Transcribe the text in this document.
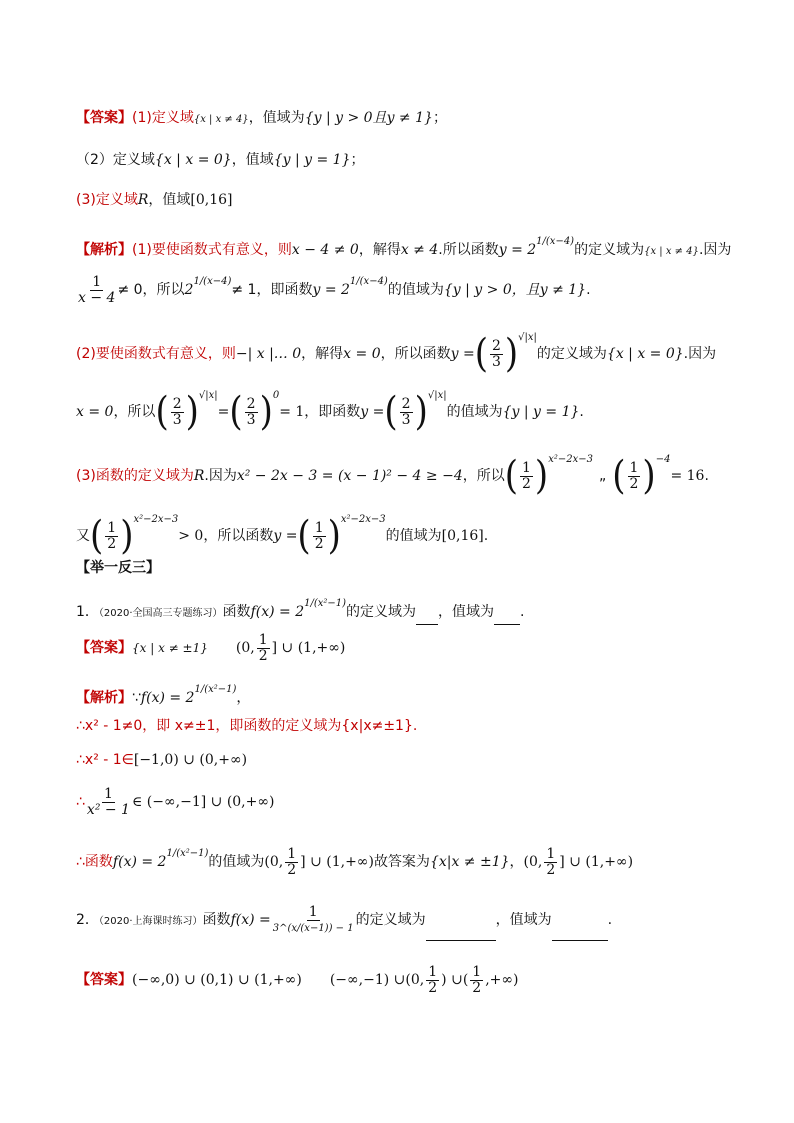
【答案】(1)定义域{x | x ≠ 4}，值域为{y | y > 0且y ≠ 1}；
（2）定义域{x | x = 0}，值域{y | y = 1}；
(3)定义域R，值域[0,16]
【解析】(1)要使函数式有意义，则x − 4 ≠ 0，解得x ≠ 4.所以函数$y = 2^{1/(x-4)}$的定义域为{x | x ≠ 4}.因为
$\frac{1}{x - 4} \ne 0$，所以$2^{1/(x-4)}\ne 1$，即函数$y = 2^{1/(x-4)}$的值域为{y | y > 0，且y ≠ 1}.
(2)要使函数式有意义，则−| x |… 0，解得x = 0，所以函数y =( $\frac{2}{3} )^{√|x|}$的定义域为{x | x = 0}.因为
x = 0，所以( $\frac{2}{3} )^{√|x|}=( \frac{2}{3} )^0= 1$，即函数y =( $\frac{2}{3} )^{√|x|}$的值域为{y | y = 1}.
(3)函数的定义域为R.因为x² − 2x − 3 = (x − 1)² − 4 ≥ −4，所以( $\frac{1}{2}$ )$^{x^2-2x-3}$„ ( $\frac{1}{2} )^{-4}= 16$.
又( $\frac{1}{2} )^{x^2-2x-3}> 0$，所以函数y =( $\frac{1}{2} )^{x^2-2x-3}$的值域为[0,16].
【举一反三】
1．（2020·全国高三专题练习）函数$f(x) = 2^{1/(x^2-1)}$的定义域为 ，值域为 .
【答案】{x | x ≠ ±1} (0, $\frac{1}{2}$ ] ∪ (1,+∞)
【解析】∵f(x) = $2^{1/(x^2-1)}$，
∴x² - 1≠0，即 x≠±1，即函数的定义域为{x|x≠±1}.
∴x² - 1∈[−1,0) ∪ (0,+∞)
∴ $\frac{1}{\text{x² − 1}}$ ∈ (−∞,−1] ∪ (0,+∞)
∴函数$f(x) = 2^{1/(x^2-1)}$的值域为(0, $\frac{1}{2}$ ] ∪ (1,+∞)故答案为{x|x ≠ ±1}，(0, $\frac{1}{2}$ ] ∪ (1,+∞)
2．（2020·上海课时练习）函数f(x) =
1
3^(x/(x−1)) − 1 的定义域为	，值域为	.
【答案】(−∞,0) ∪ (0,1) ∪ (1,+∞) (−∞,−1) ∪(0, $\frac{1}{2}$ ) ∪( $\frac{1}{2}$ ,+∞)
